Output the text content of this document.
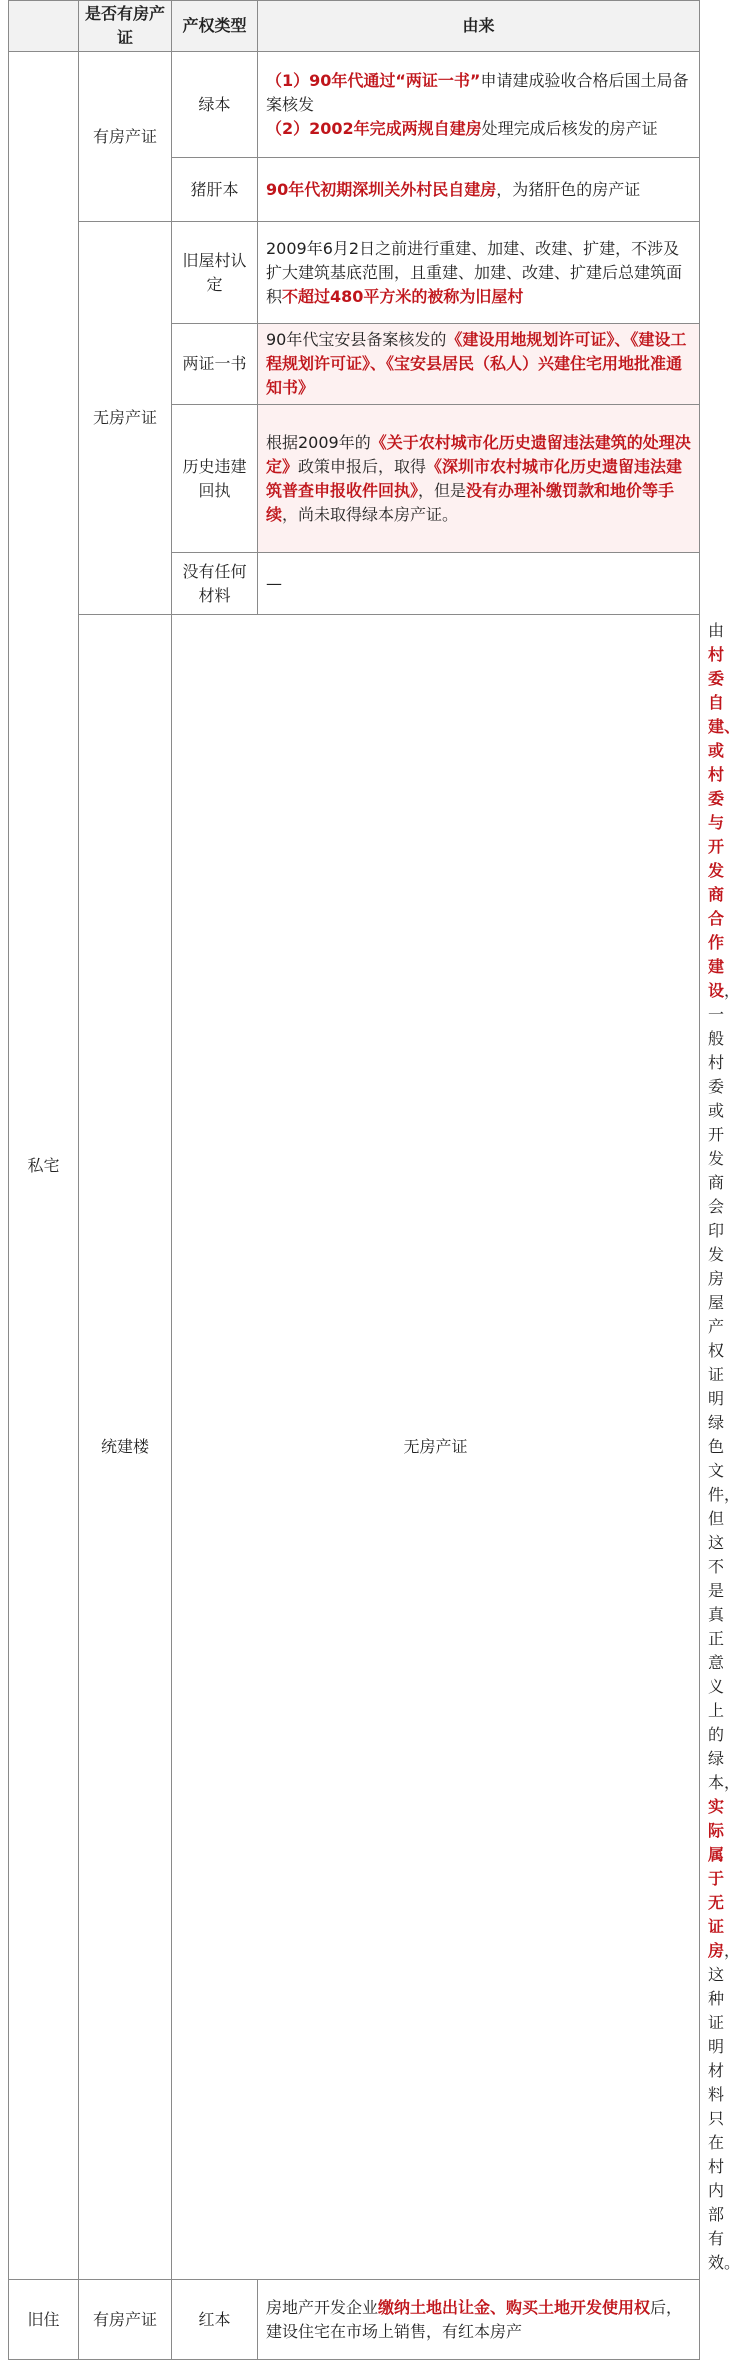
	是否有房产证	产权类型	由来	
私宅	有房产证	绿本	（1）90年代通过“两证一书”申请建成验收合格后国土局备案核发
（2）2002年完成两规自建房处理完成后核发的房产证	
		猪肝本	90年代初期深圳关外村民自建房，为猪肝色的房产证	
	无房产证	旧屋村认定	2009年6月2日之前进行重建、加建、改建、扩建，不涉及扩大建筑基底范围，且重建、加建、改建、扩建后总建筑面积不超过480平方米的被称为旧屋村	
		两证一书	90年代宝安县备案核发的《建设用地规划许可证》、《建设工程规划许可证》、《宝安县居民（私人）兴建住宅用地批准通知书》	
		历史违建回执	根据2009年的《关于农村城市化历史遗留违法建筑的处理决定》政策申报后，取得《深圳市农村城市化历史遗留违法建筑普查申报收件回执》，但是没有办理补缴罚款和地价等手续，尚未取得绿本房产证。	
		没有任何材料	—	
	统建楼	无房产证		由村委自建、或村委与开发商合作建设，一般村委或开发商会印发房屋产权证明绿色文件，但这不是真正意义上的绿本，实际属于无证房，这种证明材料只在村内部有效。
旧住	有房产证	红本	房地产开发企业缴纳土地出让金、购买土地开发使用权后，建设住宅在市场上销售，有红本房产	
